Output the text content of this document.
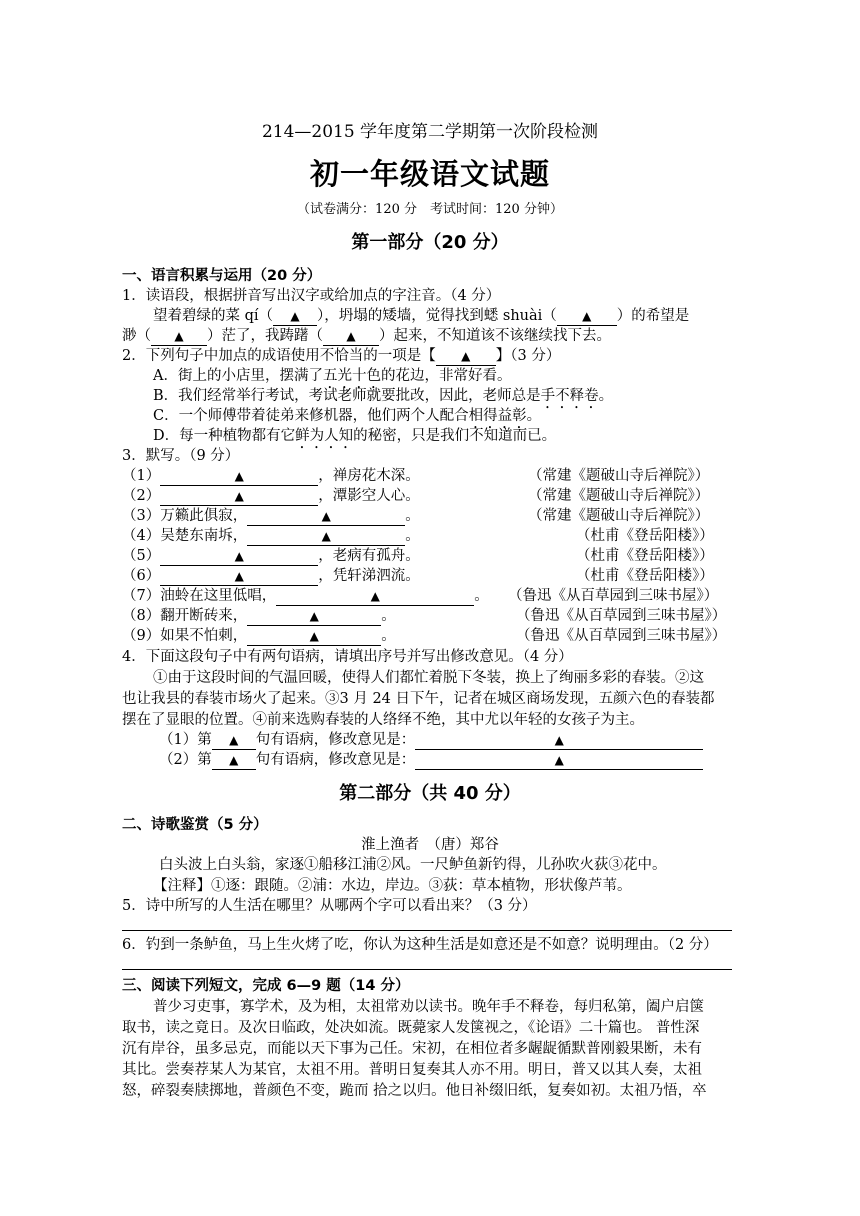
214—2015 学年度第二学期第一次阶段检测
初一年级语文试题
（试卷满分：120 分　考试时间：120 分钟）
第一部分（20 分）
一、语言积累与运用（20 分）
1．读语段，根据拼音写出汉字或给加点的字注音。（4 分）
望着碧绿的菜 qí（ ▲ ），坍塌的矮墙，觉得找到蟋 shuài（ ▲ ）的希望是
渺（ ▲ ）茫了，我踌躇（ ▲ ）起来，不知道该不该继续找下去。
2．下列句子中加点的成语使用不恰当的一项是【 ▲ 】（3 分）
A．街上的小店里，摆满了五光十色的花边，非常好看。
B．我们经常举行考试，考试老师就要批改，因此，老师总是手不释卷。
C．一个师傅带着徒弟来修机器，他们两个人配合相得益彰。
D．每一种植物都有它鲜为人知的秘密，只是我们不知道而已。
3．默写。（9 分）
（1）	▲	，禅房花木深。	（常建《题破山寺后禅院》）
（2）	▲	，潭影空人心。	（常建《题破山寺后禅院》）
（3）万籁此俱寂，	▲	。	（常建《题破山寺后禅院》）
（4）吴楚东南坼，	▲	。	（杜甫《登岳阳楼》）
（5）	▲	，老病有孤舟。	（杜甫《登岳阳楼》）
（6）	▲	，凭轩涕泗流。	（杜甫《登岳阳楼》）
（7）油蛉在这里低唱，	▲	。 （鲁迅《从百草园到三味书屋》）
（8）翻开断砖来，	▲	。	（鲁迅《从百草园到三味书屋》）
（9）如果不怕刺，	▲	。	（鲁迅《从百草园到三味书屋》）
4．下面这段句子中有两句语病，请填出序号并写出修改意见。（4 分）
①由于这段时间的气温回暖，使得人们都忙着脱下冬装，换上了绚丽多彩的春装。②这
也让我县的春装市场火了起来。③3 月 24 日下午，记者在城区商场发现，五颜六色的春装都
摆在了显眼的位置。④前来选购春装的人络绎不绝，其中尤以年轻的女孩子为主。
（1）第 ▲ 句有语病，修改意见是：	▲
（2）第 ▲ 句有语病，修改意见是：	▲
第二部分（共 40 分）
二、诗歌鉴赏（5 分）
淮上渔者　（唐）郑谷
白头波上白头翁，家逐①船移江浦②风。一尺鲈鱼新钓得，儿孙吹火荻③花中。
【注释】①逐：跟随。②浦：水边，岸边。③荻：草本植物，形状像芦苇。
5．诗中所写的人生活在哪里？从哪两个字可以看出来？（3 分）
6．钓到一条鲈鱼，马上生火烤了吃，你认为这种生活是如意还是不如意？说明理由。（2 分）
三、阅读下列短文，完成 6—9 题（14 分）
普少习吏事，寡学术，及为相，太祖常劝以读书。晚年手不释卷，每归私第，阖户启箧
取书，读之竟日。及次日临政，处决如流。既薨家人发箧视之，《论语》二十篇也。 普性深
沉有岸谷，虽多忌克，而能以天下事为己任。宋初，在相位者多龌龊循默普刚毅果断，未有
其比。尝奏荐某人为某官，太祖不用。普明日复奏其人亦不用。明日，普又以其人奏，太祖
怒，碎裂奏牍掷地，普颜色不变，跪而 拾之以归。他日补缀旧纸，复奏如初。太祖乃悟，卒
